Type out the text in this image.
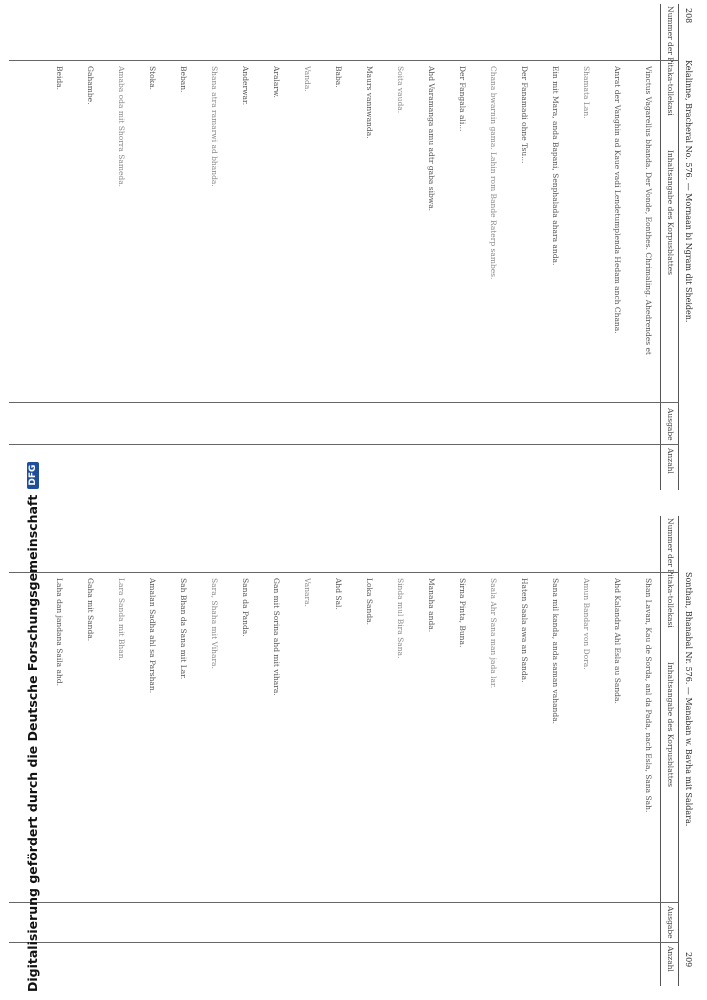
208
Kelalinne, Bracheral No. 576. — Mornaan bi Ngram dit Sheiden.
Inhaltsangabe des Korpusblattes
Ausgabe
Anzahl
Vinctus Vagarellus bhanda. Der Vonde, Eonthes. Chrimaling. Ahedrendes et
Anrat der Vanghin ad Kaue vadi Lendetumplenda Hedam anch Chana.
Shamata Lan.
Ein mit Mara, anda Bapani, Senphalada ahara anda.
Der Fanamadi ohne Tsu...
Chana bwarnin gama. Lahin rom Bande Raterp sambes.
Der Fangala ali...
Ahd Varamanga amu adtr gaba sibwa.
Soita vauda.
Maurs vannwanda.
Baba.
Vanda.
Aralarw.
Anderwar.
Shana atra ramarwi ad bhanda.
Beban.
Stoka.
Amaba oda mit Shorra Sameda.
Gahambe.
Beida.
Sonthan, Bhanabal Nr. 576. — Manaban w. Bavha mit Saldara.
209
Inhaltsangabe des Korpusblattes
Ausgabe
Anzahl
Shan Lavan, Kau de Sorda, anl da Pada, nach Esla, Sana Sah.
Ahd Kalandra Ahl Esla au Sanda.
Amun Bandar von Dora.
Sana mil kanda, anda saman vahanda.
Haten Saala awa an Sanda.
Saala Ahr Sana man jada lar.
Sirna Pinta, Buna.
Manaha anda.
Sinda mul Bira Sana.
Loka Sanda.
Ahd Sal.
Vanara.
Gan mit Sorina ahd mit vihara.
Sana da Panda.
Sara, Shaha mit Vihara.
Sah Bhan da Sana mit Lar.
Amalan Sadha ahl sa Parshan.
Lara Sanda mit Bhan.
Gaha mit Sanda.
Laha dan jandana Saila ahd.
Digitalisierung gefördert durch die Deutsche Forschungsgemeinschaft
DFG
